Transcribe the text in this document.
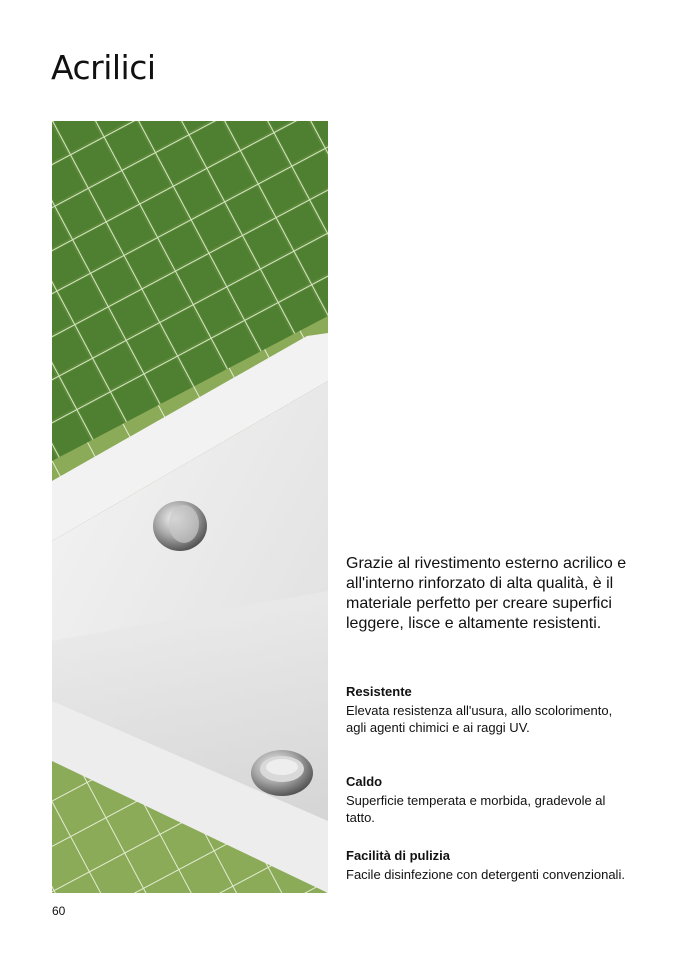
Acrilici

Grazie al rivestimento esterno acrilico e all'interno rinforzato di alta qualità, è il materiale perfetto per creare superfici leggere, lisce e altamente resistenti.

Resistente

Elevata resistenza all'usura, allo scolorimento, agli agenti chimici e ai raggi UV.

Caldo

Superficie temperata e morbida, gradevole al tatto.

Facilità di pulizia

Facile disinfezione con detergenti convenzionali.

60
